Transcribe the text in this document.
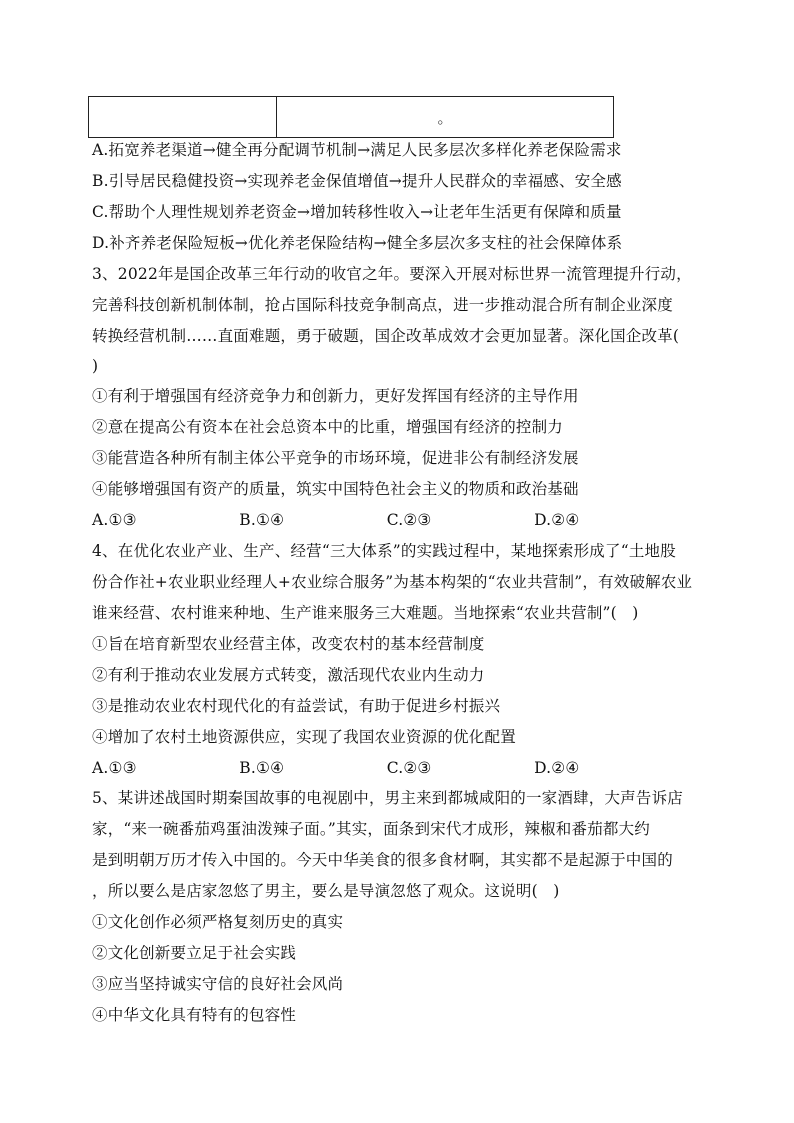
	。
A.拓宽养老渠道→健全再分配调节机制→满足人民多层次多样化养老保险需求
B.引导居民稳健投资→实现养老金保值增值→提升人民群众的幸福感、安全感
C.帮助个人理性规划养老资金→增加转移性收入→让老年生活更有保障和质量
D.补齐养老保险短板→优化养老保险结构→健全多层次多支柱的社会保障体系
3、2022年是国企改革三年行动的收官之年。要深入开展对标世界一流管理提升行动，
完善科技创新机制体制，抢占国际科技竞争制高点，进一步推动混合所有制企业深度
转换经营机制……直面难题，勇于破题，国企改革成效才会更加显著。深化国企改革(
)
①有利于增强国有经济竞争力和创新力，更好发挥国有经济的主导作用
②意在提高公有资本在社会总资本中的比重，增强国有经济的控制力
③能营造各种所有制主体公平竞争的市场环境，促进非公有制经济发展
④能够增强国有资产的质量，筑实中国特色社会主义的物质和政治基础
A.①③                    B.①④                    C.②③                    D.②④
4、在优化农业产业、生产、经营“三大体系”的实践过程中，某地探索形成了“土地股
份合作社+农业职业经理人+农业综合服务”为基本构架的“农业共营制”，有效破解农业
谁来经营、农村谁来种地、生产谁来服务三大难题。当地探索“农业共营制”(   )
①旨在培育新型农业经营主体，改变农村的基本经营制度
②有利于推动农业发展方式转变，激活现代农业内生动力
③是推动农业农村现代化的有益尝试，有助于促进乡村振兴
④增加了农村土地资源供应，实现了我国农业资源的优化配置
A.①③                    B.①④                    C.②③                    D.②④
5、某讲述战国时期秦国故事的电视剧中，男主来到都城咸阳的一家酒肆，大声告诉店
家，“来一碗番茄鸡蛋油泼辣子面。”其实，面条到宋代才成形，辣椒和番茄都大约
是到明朝万历才传入中国的。今天中华美食的很多食材啊，其实都不是起源于中国的
，所以要么是店家忽悠了男主，要么是导演忽悠了观众。这说明(   )
①文化创作必须严格复刻历史的真实
②文化创新要立足于社会实践
③应当坚持诚实守信的良好社会风尚
④中华文化具有特有的包容性
